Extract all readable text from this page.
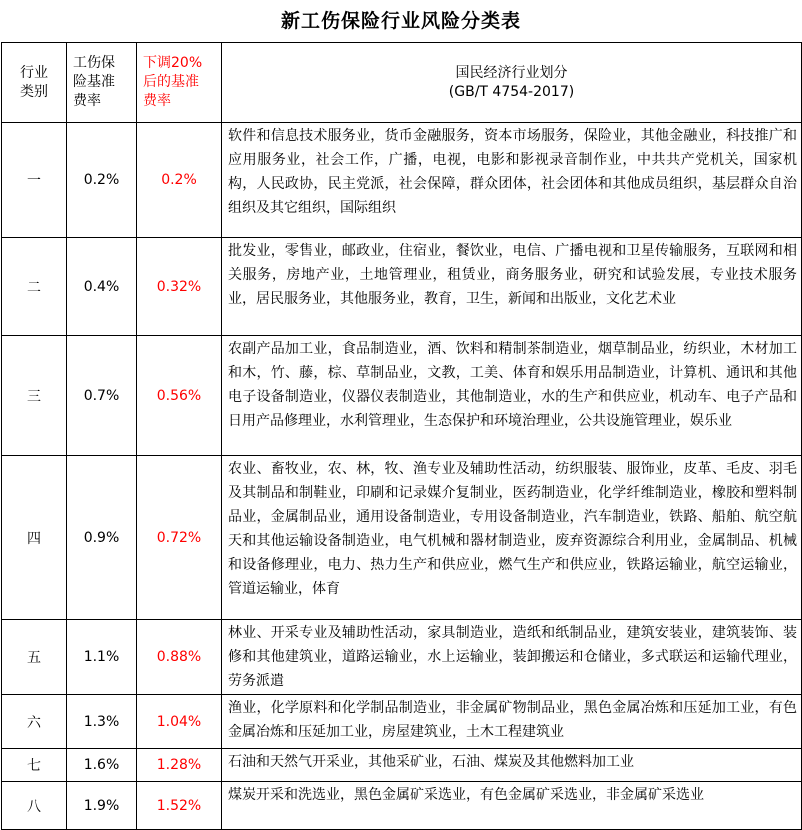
新工伤保险行业风险分类表
行业类别	工伤保险基准费率	下调20%后的基准费率	国民经济行业划分
(GB/T 4754-2017)

一	0.2%	0.2%	软件和信息技术服务业，货币金融服务，资本市场服务，保险业，其他金融业，科技推广和应用服务业，社会工作，广播，电视，电影和影视录音制作业，中共共产党机关，国家机构，人民政协，民主党派，社会保障，群众团体，社会团体和其他成员组织，基层群众自治组织及其它组织，国际组织
二	0.4%	0.32%	批发业，零售业，邮政业，住宿业，餐饮业，电信、广播电视和卫星传输服务，互联网和相关服务，房地产业，土地管理业，租赁业，商务服务业，研究和试验发展，专业技术服务业，居民服务业，其他服务业，教育，卫生，新闻和出版业，文化艺术业
三	0.7%	0.56%	农副产品加工业，食品制造业，酒、饮料和精制茶制造业，烟草制品业，纺织业，木材加工和木，竹、藤，棕、草制品业，文教，工美、体育和娱乐用品制造业，计算机、通讯和其他电子设备制造业，仪器仪表制造业，其他制造业，水的生产和供应业，机动车、电子产品和日用产品修理业，水利管理业，生态保护和环境治理业，公共设施管理业，娱乐业
四	0.9%	0.72%	农业、畜牧业，农、林，牧、渔专业及辅助性活动，纺织服装、服饰业，皮革、毛皮、羽毛及其制品和制鞋业，印刷和记录媒介复制业，医药制造业，化学纤维制造业，橡胶和塑料制品业，金属制品业，通用设备制造业，专用设备制造业，汽车制造业，铁路、船舶、航空航天和其他运输设备制造业，电气机械和器材制造业，废弃资源综合利用业，金属制品、机械和设备修理业，电力、热力生产和供应业，燃气生产和供应业，铁路运输业，航空运输业，管道运输业，体育
五	1.1%	0.88%	林业、开采专业及辅助性活动，家具制造业，造纸和纸制品业，建筑安装业，建筑装饰、装修和其他建筑业，道路运输业，水上运输业，装卸搬运和仓储业，多式联运和运输代理业，劳务派遣
六	1.3%	1.04%	渔业，化学原料和化学制品制造业，非金属矿物制品业，黑色金属冶炼和压延加工业，有色金属冶炼和压延加工业，房屋建筑业，土木工程建筑业
七	1.6%	1.28%	石油和天然气开采业，其他采矿业，石油、煤炭及其他燃料加工业
八	1.9%	1.52%	煤炭开采和洗选业，黑色金属矿采选业，有色金属矿采选业，非金属矿采选业
